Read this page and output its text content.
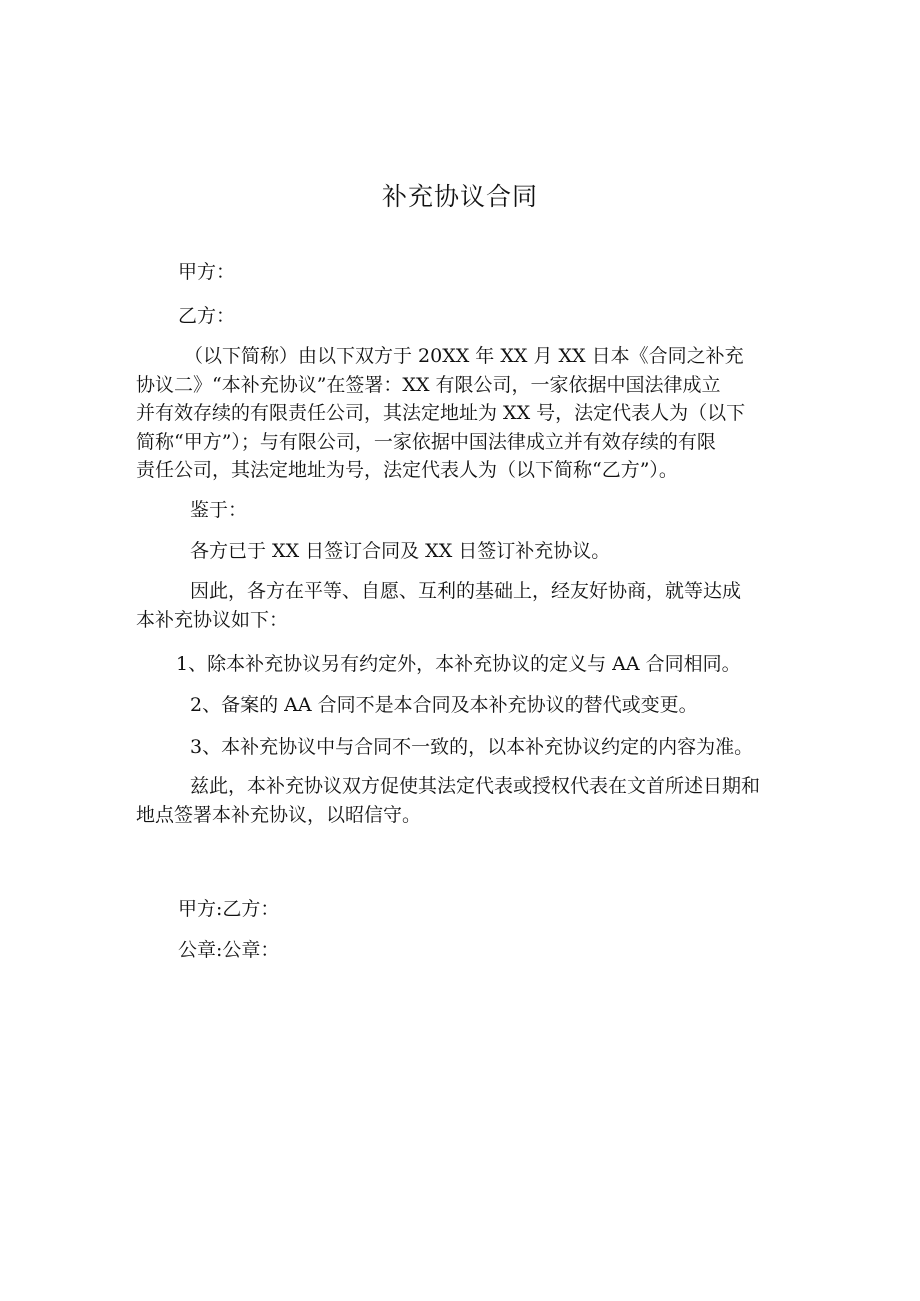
补充协议合同
甲方：
乙方：
（以下简称）由以下双方于 20XX 年 XX 月 XX 日本《合同之补充
协议二》“本补充协议”在签署：XX 有限公司，一家依据中国法律成立
并有效存续的有限责任公司，其法定地址为 XX 号，法定代表人为（以下
简称“甲方”）；与有限公司，一家依据中国法律成立并有效存续的有限
责任公司，其法定地址为号，法定代表人为（以下简称“乙方”）。
鉴于：
各方已于 XX 日签订合同及 XX 日签订补充协议。
因此，各方在平等、自愿、互利的基础上，经友好协商，就等达成
本补充协议如下：
1、除本补充协议另有约定外，本补充协议的定义与 AA 合同相同。
2、备案的 AA 合同不是本合同及本补充协议的替代或变更。
3、本补充协议中与合同不一致的，以本补充协议约定的内容为准。
兹此，本补充协议双方促使其法定代表或授权代表在文首所述日期和
地点签署本补充协议，以昭信守。
甲方:乙方：
公章:公章：
